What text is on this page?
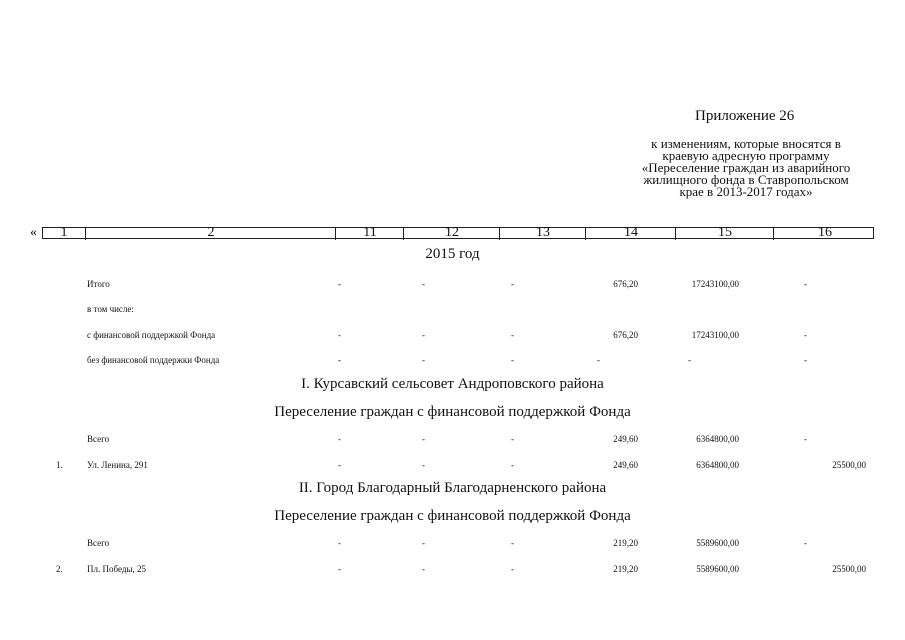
Приложение 26
к изменениям, которые вносятся в
краевую адресную программу
«Переселение граждан из аварийного
жилищного фонда в Ставропольском
крае в 2013-2017 годах»
«	1	2	11	12	13	14	15	16
2015 год
Итого	-	-	-	676,20	17243100,00	-
в том числе:
с финансовой поддержкой Фонда	-	-	-	676,20	17243100,00	-
без финансовой поддержки Фонда	-	-	-	-	-	-
I. Курсавский сельсовет Андроповского района
Переселение граждан с финансовой поддержкой Фонда
Всего	-	-	-	249,60	6364800,00	-
1.	Ул. Ленина, 291	-	-	-	249,60	6364800,00	25500,00
II. Город Благодарный Благодарненского района
Переселение граждан с финансовой поддержкой Фонда
Всего	-	-	-	219,20	5589600,00	-
2.	Пл. Победы, 25	-	-	-	219,20	5589600,00	25500,00
